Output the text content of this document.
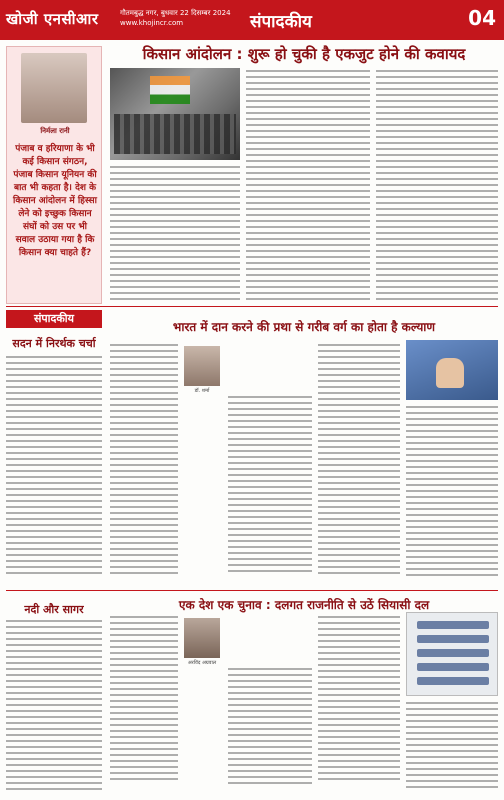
खोजी एनसीआर	गौतमबुद्ध नगर, बुधवार 22 दिसम्बर 2024
www.khojincr.com	संपादकीय	04
निर्मला रानी
पंजाब व हरियाणा के भी कई किसान संगठन, पंजाब किसान यूनियन की बात भी कहता है। देश के किसान आंदोलन में हिस्सा लेने को इच्छुक किसान संघों को उस पर भी सवाल उठाया गया है कि किसान क्या चाहते हैं?
किसान आंदोलन : शुरू हो चुकी है एकजुट होने की कवायद
संपादकीय
भारत में दान करने की प्रथा से गरीब वर्ग का होता है कल्याण
सदन में निरर्थक चर्चा
डॉ. शर्मा
एक देश एक चुनाव : दलगत राजनीति से उठें सियासी दल
नदी और सागर
अरविंद अग्रवाल
